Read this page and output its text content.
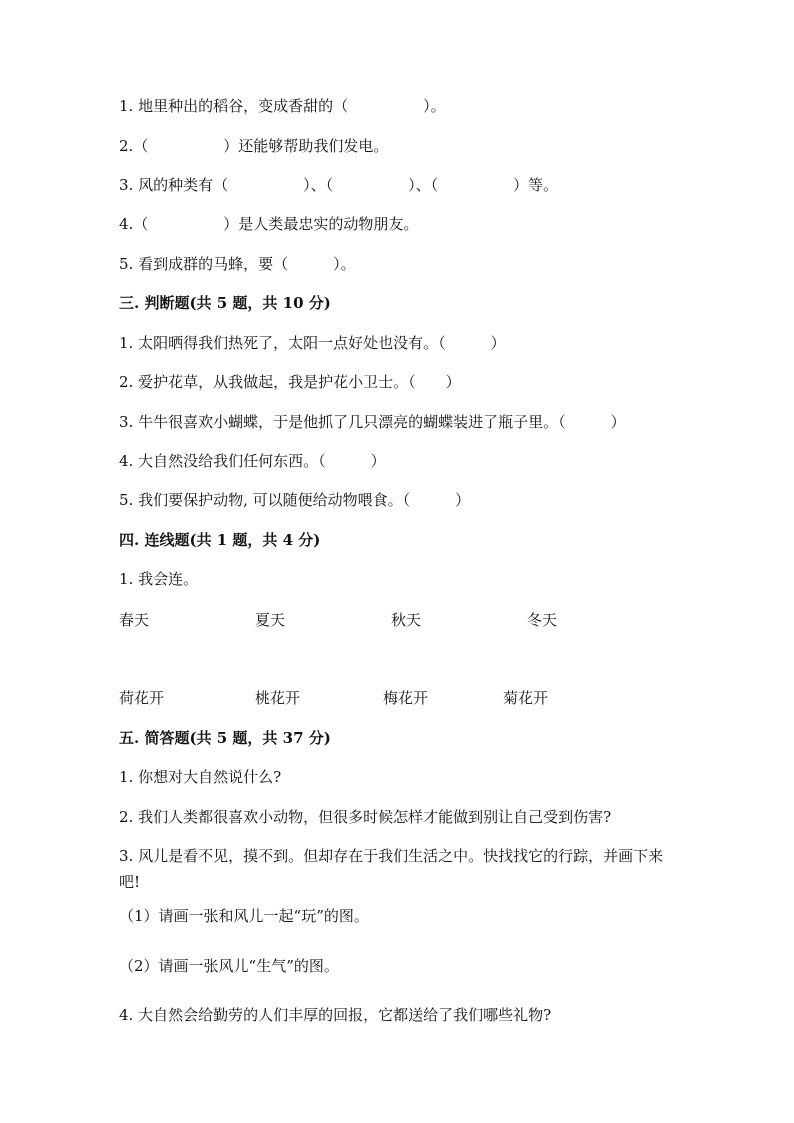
1. 地里种出的稻谷，变成香甜的（　　　　　）。
2.（　　　　　）还能够帮助我们发电。
3. 风的种类有（　　　　　）、（　　　　　）、（　　　　　）等。
4.（　　　　　）是人类最忠实的动物朋友。
5. 看到成群的马蜂，要（　　　）。
三. 判断题(共 5 题，共 10 分)
1. 太阳晒得我们热死了，太阳一点好处也没有。（　　　）
2. 爱护花草，从我做起，我是护花小卫士。（　　）
3. 牛牛很喜欢小蝴蝶，于是他抓了几只漂亮的蝴蝶装进了瓶子里。（　　　）
4. 大自然没给我们任何东西。（　　　）
5. 我们要保护动物, 可以随便给动物喂食。（　　　）
四. 连线题(共 1 题，共 4 分)
1. 我会连。
春天	夏天	秋天	冬天
荷花开	桃花开	梅花开	菊花开
五. 简答题(共 5 题，共 37 分)
1. 你想对大自然说什么?
2. 我们人类都很喜欢小动物，但很多时候怎样才能做到别让自己受到伤害?
3. 风儿是看不见，摸不到。但却存在于我们生活之中。快找找它的行踪，并画下来吧!
（1）请画一张和风儿一起“玩”的图。
（2）请画一张风儿“生气”的图。
4. 大自然会给勤劳的人们丰厚的回报，它都送给了我们哪些礼物?
